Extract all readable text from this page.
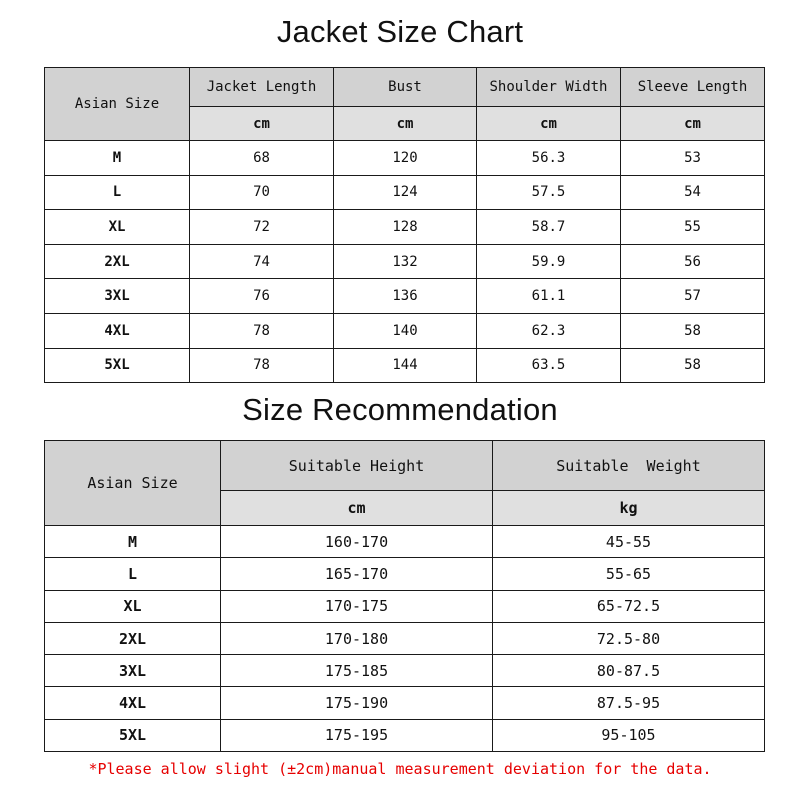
Jacket Size Chart
Asian Size	Jacket Length	Bust	Shoulder Width	Sleeve Length
	cm	cm	cm	cm
M	68	120	56.3	53
L	70	124	57.5	54
XL	72	128	58.7	55
2XL	74	132	59.9	56
3XL	76	136	61.1	57
4XL	78	140	62.3	58
5XL	78	144	63.5	58
Size Recommendation
Asian Size	Suitable Height	Suitable  Weight
	cm	kg
M	160-170	45-55
L	165-170	55-65
XL	170-175	65-72.5
2XL	170-180	72.5-80
3XL	175-185	80-87.5
4XL	175-190	87.5-95
5XL	175-195	95-105
*Please allow slight (±2cm)manual measurement deviation for the data.
